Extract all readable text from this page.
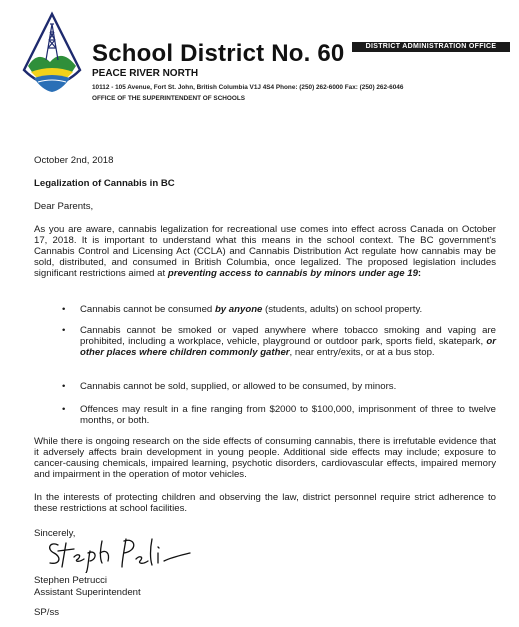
School District No. 60	DISTRICT ADMINISTRATION OFFICE
PEACE RIVER NORTH
10112 - 105 Avenue, Fort St. John, British Columbia V1J 4S4 Phone: (250) 262-6000 Fax: (250) 262-6046
OFFICE OF THE SUPERINTENDENT OF SCHOOLS
October 2nd, 2018
Legalization of Cannabis in BC
Dear Parents,
As you are aware, cannabis legalization for recreational use comes into effect across Canada on October 17, 2018. It is important to understand what this means in the school context. The BC government's Cannabis Control and Licensing Act (CCLA) and Cannabis Distribution Act regulate how cannabis may be sold, distributed, and consumed in British Columbia, once legalized. The proposed legislation includes significant restrictions aimed at preventing access to cannabis by minors under age 19:
• Cannabis cannot be consumed by anyone (students, adults) on school property.
• Cannabis cannot be smoked or vaped anywhere where tobacco smoking and vaping are prohibited, including a workplace, vehicle, playground or outdoor park, sports field, skatepark, or other places where children commonly gather, near entry/exits, or at a bus stop.
• Cannabis cannot be sold, supplied, or allowed to be consumed, by minors.
• Offences may result in a fine ranging from $2000 to $100,000, imprisonment of three to twelve months, or both.
While there is ongoing research on the side effects of consuming cannabis, there is irrefutable evidence that it adversely affects brain development in young people. Additional side effects may include; exposure to cancer-causing chemicals, impaired learning, psychotic disorders, cardiovascular effects, impaired memory and impairment in the operation of motor vehicles.
In the interests of protecting children and observing the law, district personnel require strict adherence to these restrictions at school facilities.
Sincerely,
Stephen Petrucci
Assistant Superintendent
SP/ss
